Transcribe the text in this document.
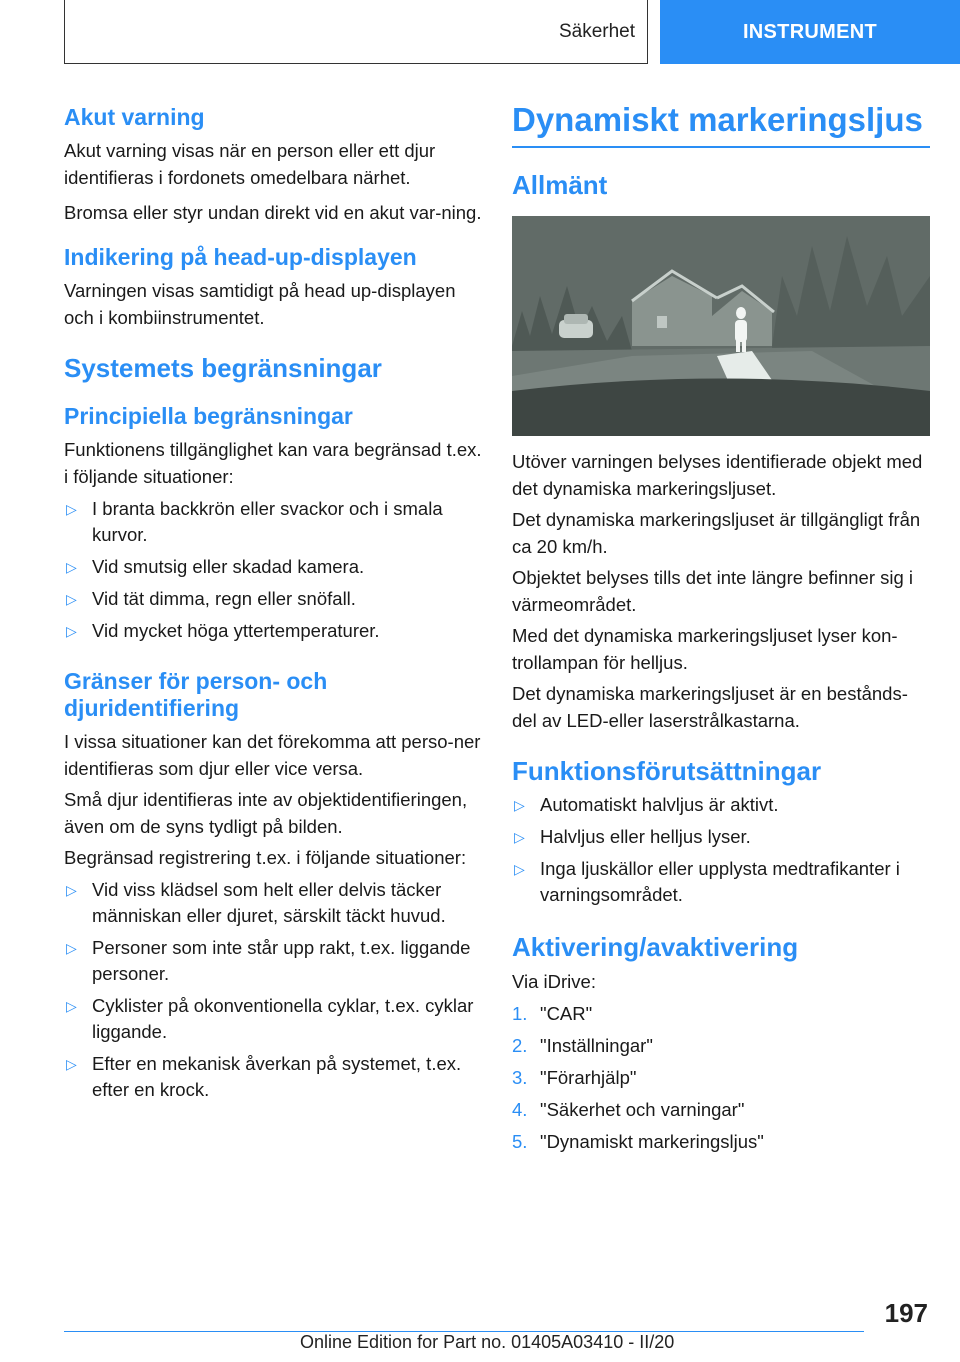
Säkerhet	INSTRUMENT
Akut varning

Akut varning visas när en person eller ett djur identifieras i fordonets omedelbara närhet.

Bromsa eller styr undan direkt vid en akut var-ning.

Indikering på head-up-displayen

Varningen visas samtidigt på head up-displayen och i kombiinstrumentet.

Systemets begränsningar
Principiella begränsningar

Funktionens tillgänglighet kan vara begränsad t.ex. i följande situationer:

▷ I branta backkrön eller svackor och i smala kurvor.
▷ Vid smutsig eller skadad kamera.
▷ Vid tät dimma, regn eller snöfall.
▷ Vid mycket höga yttertemperaturer.
Gränser för person- och djuridentifiering

I vissa situationer kan det förekomma att perso-ner identifieras som djur eller vice versa.

Små djur identifieras inte av objektidentifieringen, även om de syns tydligt på bilden.

Begränsad registrering t.ex. i följande situationer:

▷ Vid viss klädsel som helt eller delvis täcker människan eller djuret, särskilt täckt huvud.
▷ Personer som inte står upp rakt, t.ex. liggande personer.
▷ Cyklister på okonventionella cyklar, t.ex. cyklar liggande.
▷ Efter en mekanisk åverkan på systemet, t.ex. efter en krock.
Dynamiskt markeringsljus
Allmänt

Utöver varningen belyses identifierade objekt med det dynamiska markeringsljuset.

Det dynamiska markeringsljuset är tillgängligt från ca 20 km/h.

Objektet belyses tills det inte längre befinner sig i värmeområdet.

Med det dynamiska markeringsljuset lyser kon-trollampan för helljus.

Det dynamiska markeringsljuset är en bestånds-del av LED-eller laserstrålkastarna.

Funktionsförutsättningar
▷ Automatiskt halvljus är aktivt.
▷ Halvljus eller helljus lyser.
▷ Inga ljuskällor eller upplysta medtrafikanter i varningsområdet.
Aktivering/avaktivering

Via iDrive:

1. "CAR"
2. "Inställningar"
3. "Förarhjälp"
4. "Säkerhet och varningar"
5. "Dynamiskt markeringsljus"
197
Online Edition for Part no. 01405A03410 - II/20
